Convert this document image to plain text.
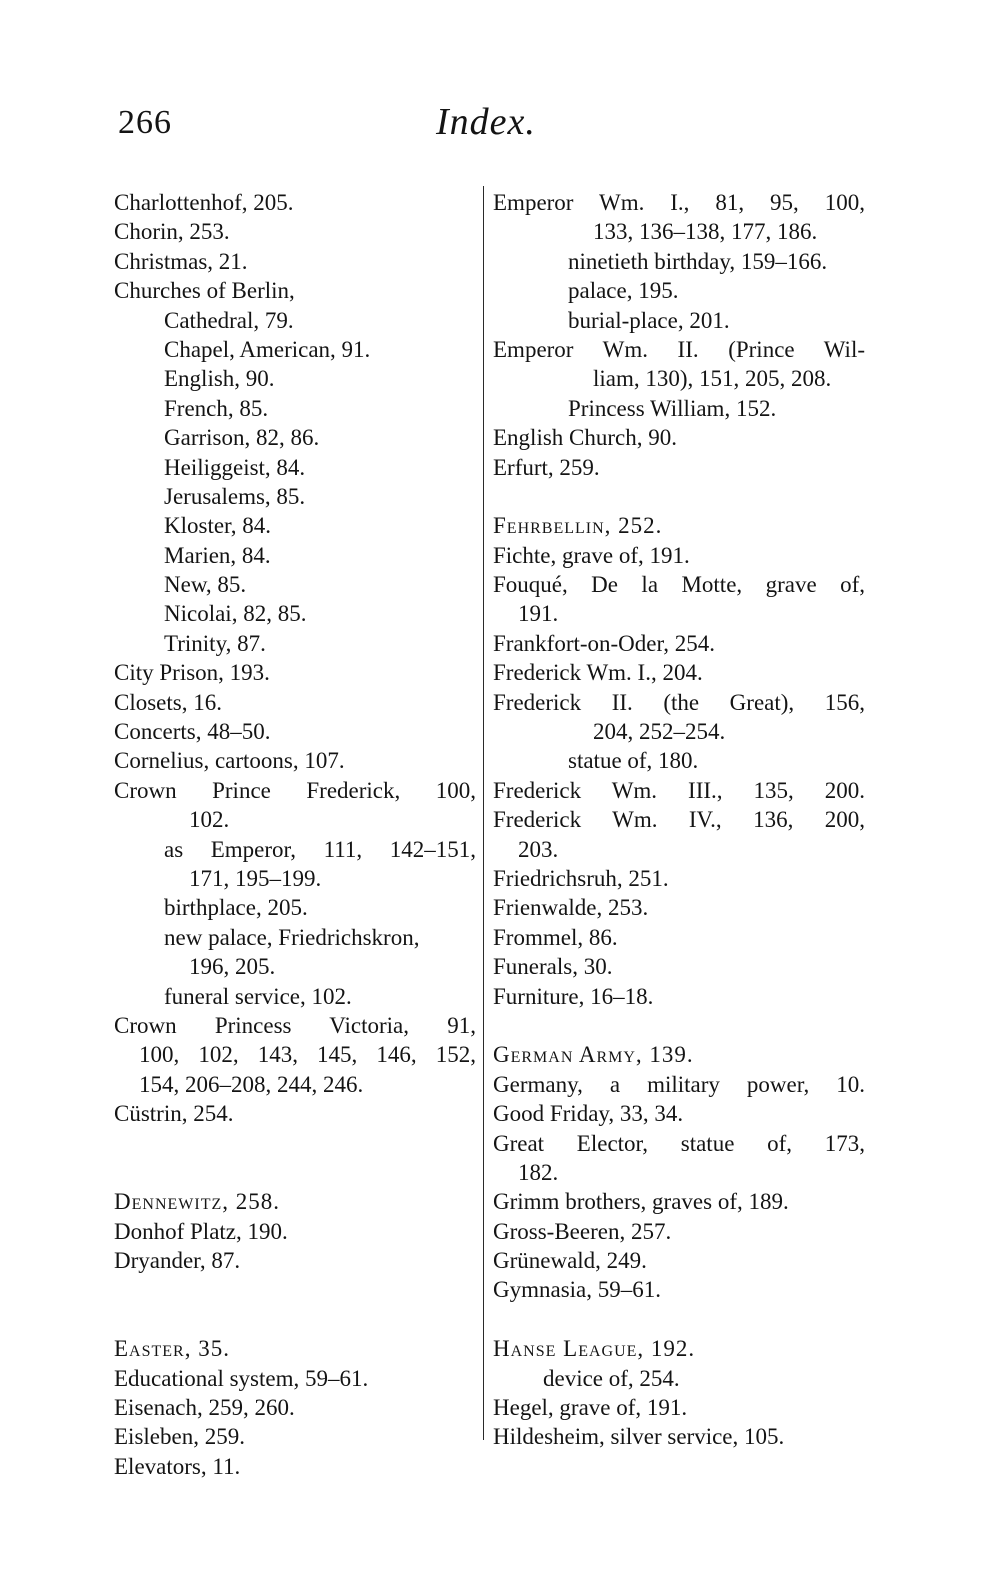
266	Index.
Charlottenhof, 205.
Chorin, 253.
Christmas, 21.
Churches of Berlin,
Cathedral, 79.
Chapel, American, 91.
English, 90.
French, 85.
Garrison, 82, 86.
Heiliggeist, 84.
Jerusalems, 85.
Kloster, 84.
Marien, 84.
New, 85.
Nicolai, 82, 85.
Trinity, 87.
City Prison, 193.
Closets, 16.
Concerts, 48–50.
Cornelius, cartoons, 107.
Crown Prince Frederick, 100,
102.
as Emperor, 111, 142–151,
171, 195–199.
birthplace, 205.
new palace, Friedrichskron,
196, 205.
funeral service, 102.
Crown Princess Victoria, 91,
100, 102, 143, 145, 146, 152,
154, 206–208, 244, 246.
Cüstrin, 254.
Dennewitz, 258.
Donhof Platz, 190.
Dryander, 87.
Easter, 35.
Educational system, 59–61.
Eisenach, 259, 260.
Eisleben, 259.
Elevators, 11.
Emperor Wm. I., 81, 95, 100,
133, 136–138, 177, 186.
ninetieth birthday, 159–166.
palace, 195.
burial-place, 201.
Emperor Wm. II. (Prince Wil-
liam, 130), 151, 205, 208.
Princess William, 152.
English Church, 90.
Erfurt, 259.
Fehrbellin, 252.
Fichte, grave of, 191.
Fouqué, De la Motte, grave of,
191.
Frankfort-on-Oder, 254.
Frederick Wm. I., 204.
Frederick II. (the Great), 156,
204, 252–254.
statue of, 180.
Frederick Wm. III., 135, 200.
Frederick Wm. IV., 136, 200,
203.
Friedrichsruh, 251.
Frienwalde, 253.
Frommel, 86.
Funerals, 30.
Furniture, 16–18.
German Army, 139.
Germany, a military power, 10.
Good Friday, 33, 34.
Great Elector, statue of, 173,
182.
Grimm brothers, graves of, 189.
Gross-Beeren, 257.
Grünewald, 249.
Gymnasia, 59–61.
Hanse League, 192.
device of, 254.
Hegel, grave of, 191.
Hildesheim, silver service, 105.
